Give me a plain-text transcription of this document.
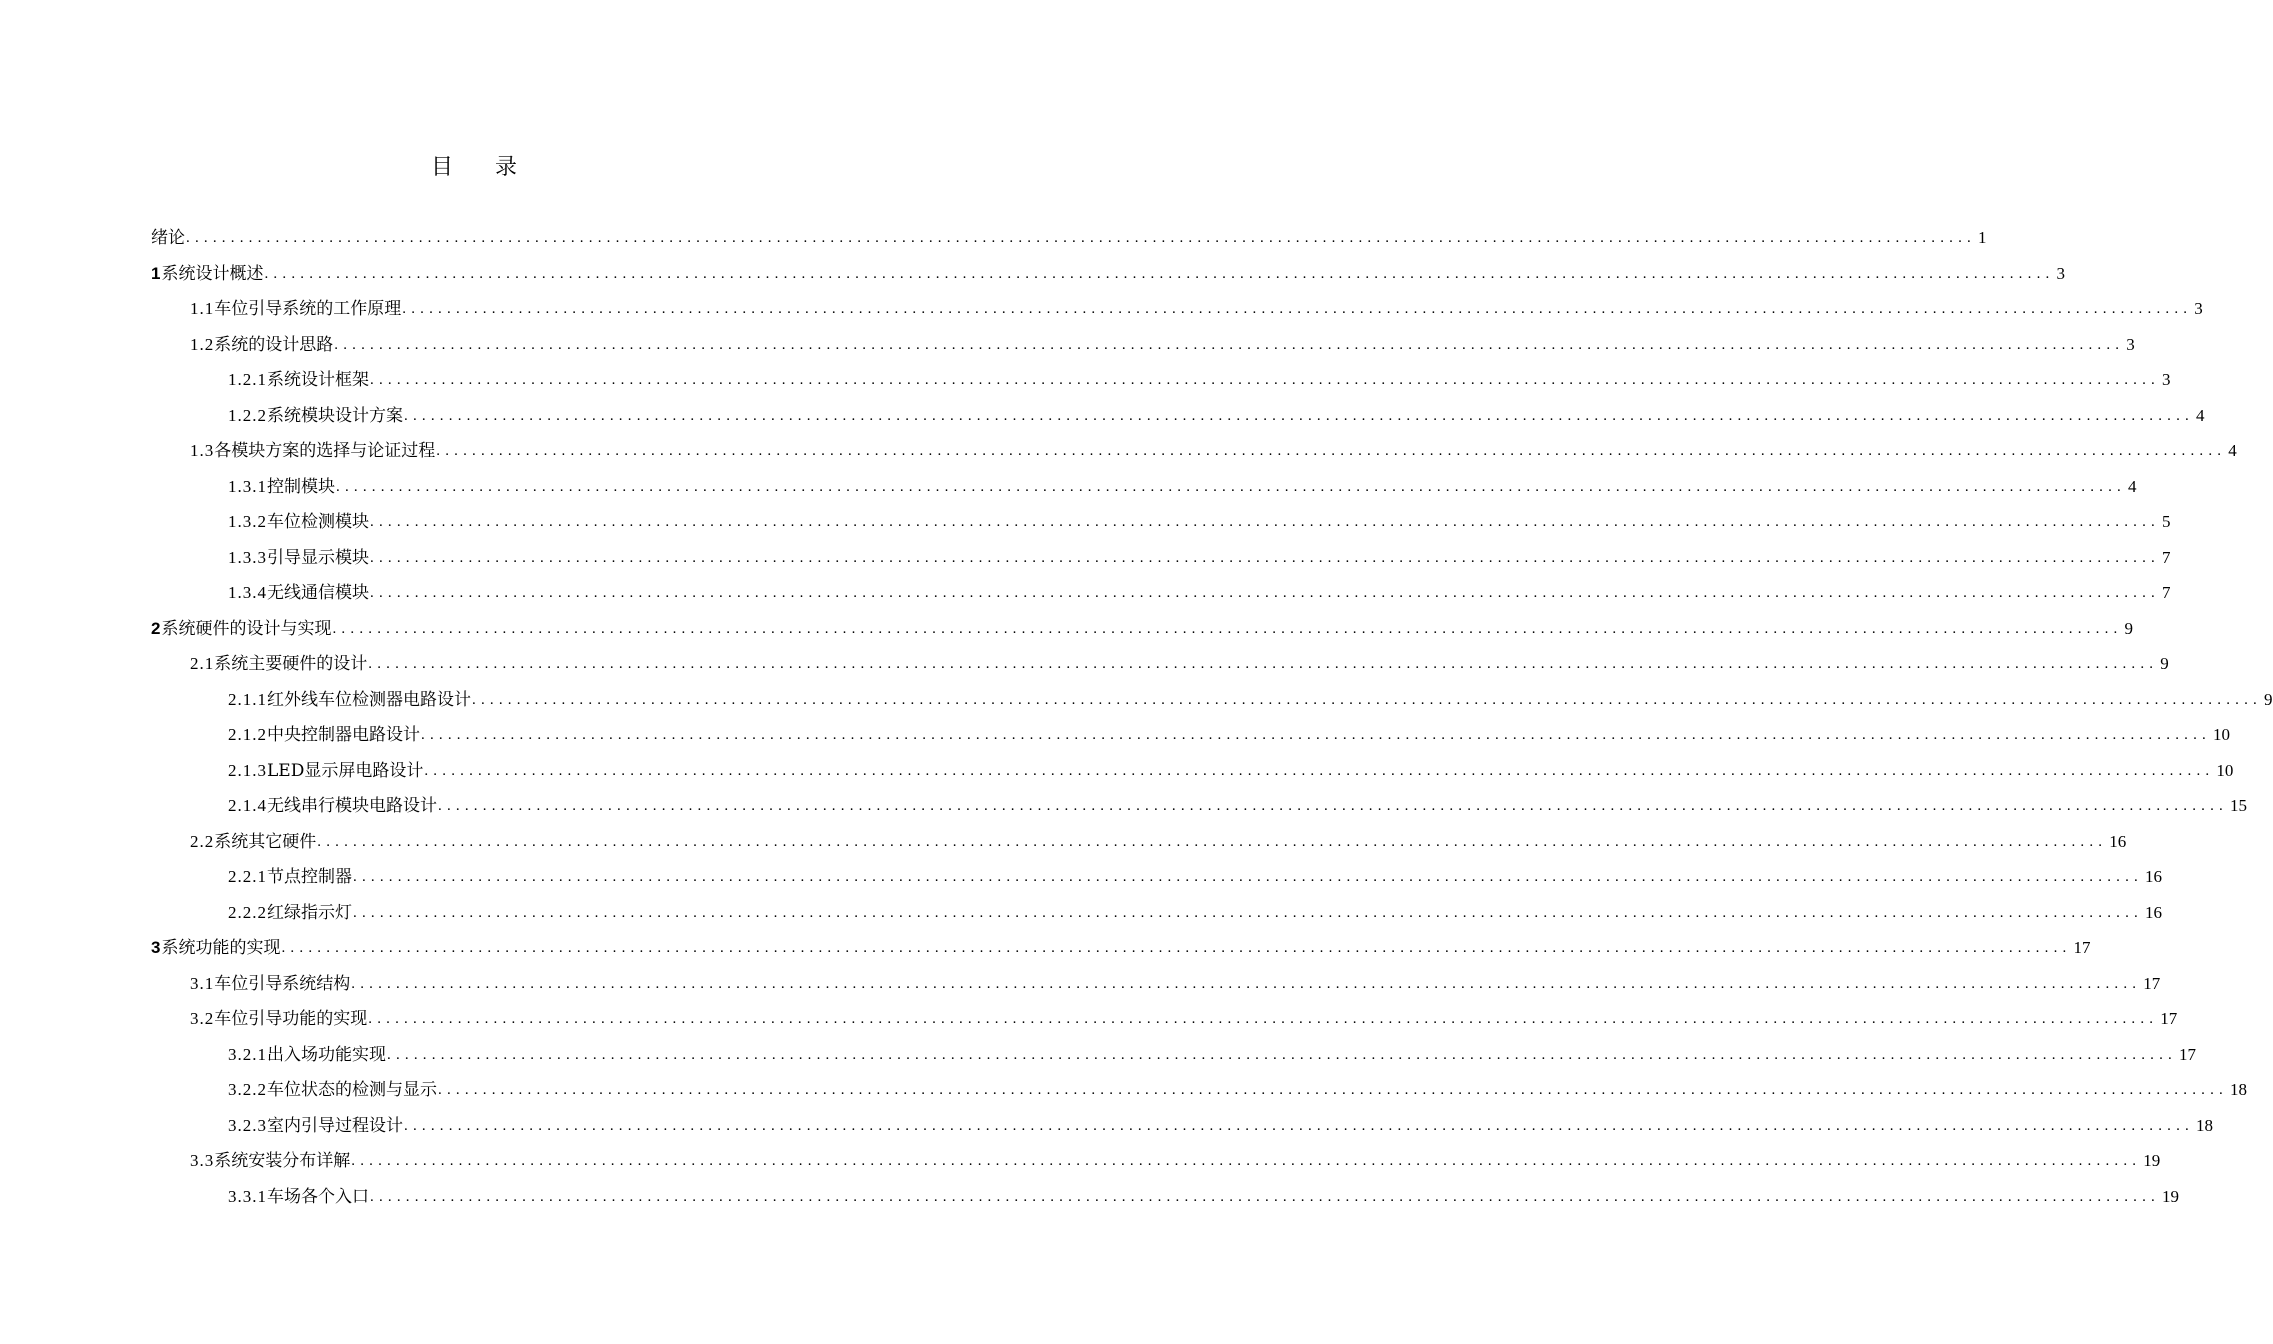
目 录
绪论 ........................................................................................................................................................................................................ 1
1 系统设计概述 ........................................................................................................................................................................................................ 3
1.1 车位引导系统的工作原理 ........................................................................................................................................................................................................ 3
1.2 系统的设计思路 ........................................................................................................................................................................................................ 3
1.2.1 系统设计框架 ........................................................................................................................................................................................................ 3
1.2.2 系统模块设计方案 ........................................................................................................................................................................................................ 4
1.3 各模块方案的选择与论证过程 ........................................................................................................................................................................................................ 4
1.3.1 控制模块 ........................................................................................................................................................................................................ 4
1.3.2 车位检测模块 ........................................................................................................................................................................................................ 5
1.3.3 引导显示模块 ........................................................................................................................................................................................................ 7
1.3.4 无线通信模块 ........................................................................................................................................................................................................ 7
2 系统硬件的设计与实现 ........................................................................................................................................................................................................ 9
2.1 系统主要硬件的设计 ........................................................................................................................................................................................................ 9
2.1.1 红外线车位检测器电路设计 ........................................................................................................................................................................................................ 9
2.1.2 中央控制器电路设计 ........................................................................................................................................................................................................ 10
2.1.3 LED显示屏电路设计 ........................................................................................................................................................................................................ 10
2.1.4 无线串行模块电路设计 ........................................................................................................................................................................................................ 15
2.2 系统其它硬件 ........................................................................................................................................................................................................ 16
2.2.1 节点控制器 ........................................................................................................................................................................................................ 16
2.2.2 红绿指示灯 ........................................................................................................................................................................................................ 16
3 系统功能的实现 ........................................................................................................................................................................................................ 17
3.1 车位引导系统结构 ........................................................................................................................................................................................................ 17
3.2 车位引导功能的实现 ........................................................................................................................................................................................................ 17
3.2.1 出入场功能实现 ........................................................................................................................................................................................................ 17
3.2.2 车位状态的检测与显示 ........................................................................................................................................................................................................ 18
3.2.3 室内引导过程设计 ........................................................................................................................................................................................................ 18
3.3 系统安装分布详解 ........................................................................................................................................................................................................ 19
3.3.1 车场各个入口 ........................................................................................................................................................................................................ 19
